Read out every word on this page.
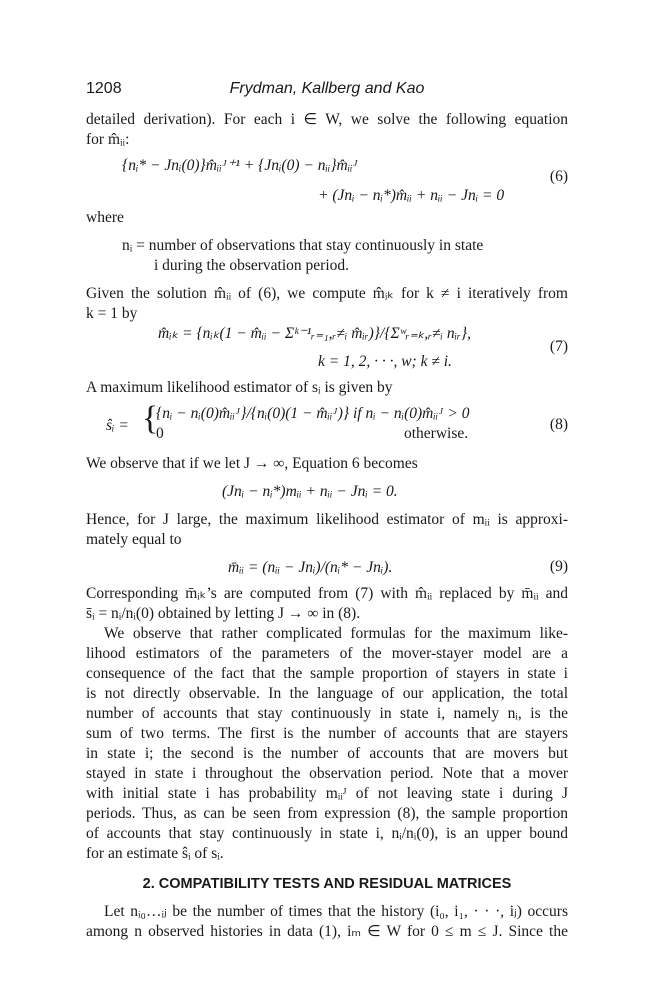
1208	Frydman, Kallberg and Kao
detailed derivation). For each i ∈ W, we solve the following equation
for m̂ᵢᵢ:
{nᵢ* − Jnᵢ(0)}m̂ᵢᵢᴶ⁺¹ + {Jnᵢ(0) − nᵢᵢ}m̂ᵢᵢᴶ
+ (Jnᵢ − nᵢ*)m̂ᵢᵢ + nᵢᵢ − Jnᵢ = 0
(6)
where
nᵢ = number of observations that stay continuously in state
i during the observation period.
Given the solution m̂ᵢᵢ of (6), we compute m̂ᵢₖ for k ≠ i iteratively from
k = 1 by
m̂ᵢₖ = {nᵢₖ(1 − m̂ᵢᵢ − Σᵏ⁻¹ᵣ₌₁,ᵣ≠ᵢ m̂ᵢᵣ)}/{Σʷᵣ₌ₖ,ᵣ≠ᵢ nᵢᵣ},
k = 1, 2, · · ·, w; k ≠ i.
(7)
A maximum likelihood estimator of sᵢ is given by
ŝᵢ = {
{nᵢ − nᵢ(0)m̂ᵢᵢᴶ}/{nᵢ(0)(1 − m̂ᵢᵢᴶ)} if nᵢ − nᵢ(0)m̂ᵢᵢᴶ > 0
0	otherwise.
(8)
We observe that if we let J → ∞, Equation 6 becomes
(Jnᵢ − nᵢ*)mᵢᵢ + nᵢᵢ − Jnᵢ = 0.
Hence, for J large, the maximum likelihood estimator of mᵢᵢ is approxi-
mately equal to
m̄ᵢᵢ = (nᵢᵢ − Jnᵢ)/(nᵢ* − Jnᵢ).	(9)
Corresponding m̄ᵢₖ’s are computed from (7) with m̂ᵢᵢ replaced by m̄ᵢᵢ and
s̄ᵢ = nᵢ/nᵢ(0) obtained by letting J → ∞ in (8).
We observe that rather complicated formulas for the maximum like-
lihood estimators of the parameters of the mover-stayer model are a
consequence of the fact that the sample proportion of stayers in state i
is not directly observable. In the language of our application, the total
number of accounts that stay continuously in state i, namely nᵢ, is the
sum of two terms. The first is the number of accounts that are stayers
in state i; the second is the number of accounts that are movers but
stayed in state i throughout the observation period. Note that a mover
with initial state i has probability mᵢᵢᴶ of not leaving state i during J
periods. Thus, as can be seen from expression (8), the sample proportion
of accounts that stay continuously in state i, nᵢ/nᵢ(0), is an upper bound
for an estimate ŝᵢ of sᵢ.
2. COMPATIBILITY TESTS AND RESIDUAL MATRICES
Let nᵢ₀…ᵢⱼ be the number of times that the history (i₀, i₁, · · ·, iⱼ) occurs
among n observed histories in data (1), iₘ ∈ W for 0 ≤ m ≤ J. Since the
